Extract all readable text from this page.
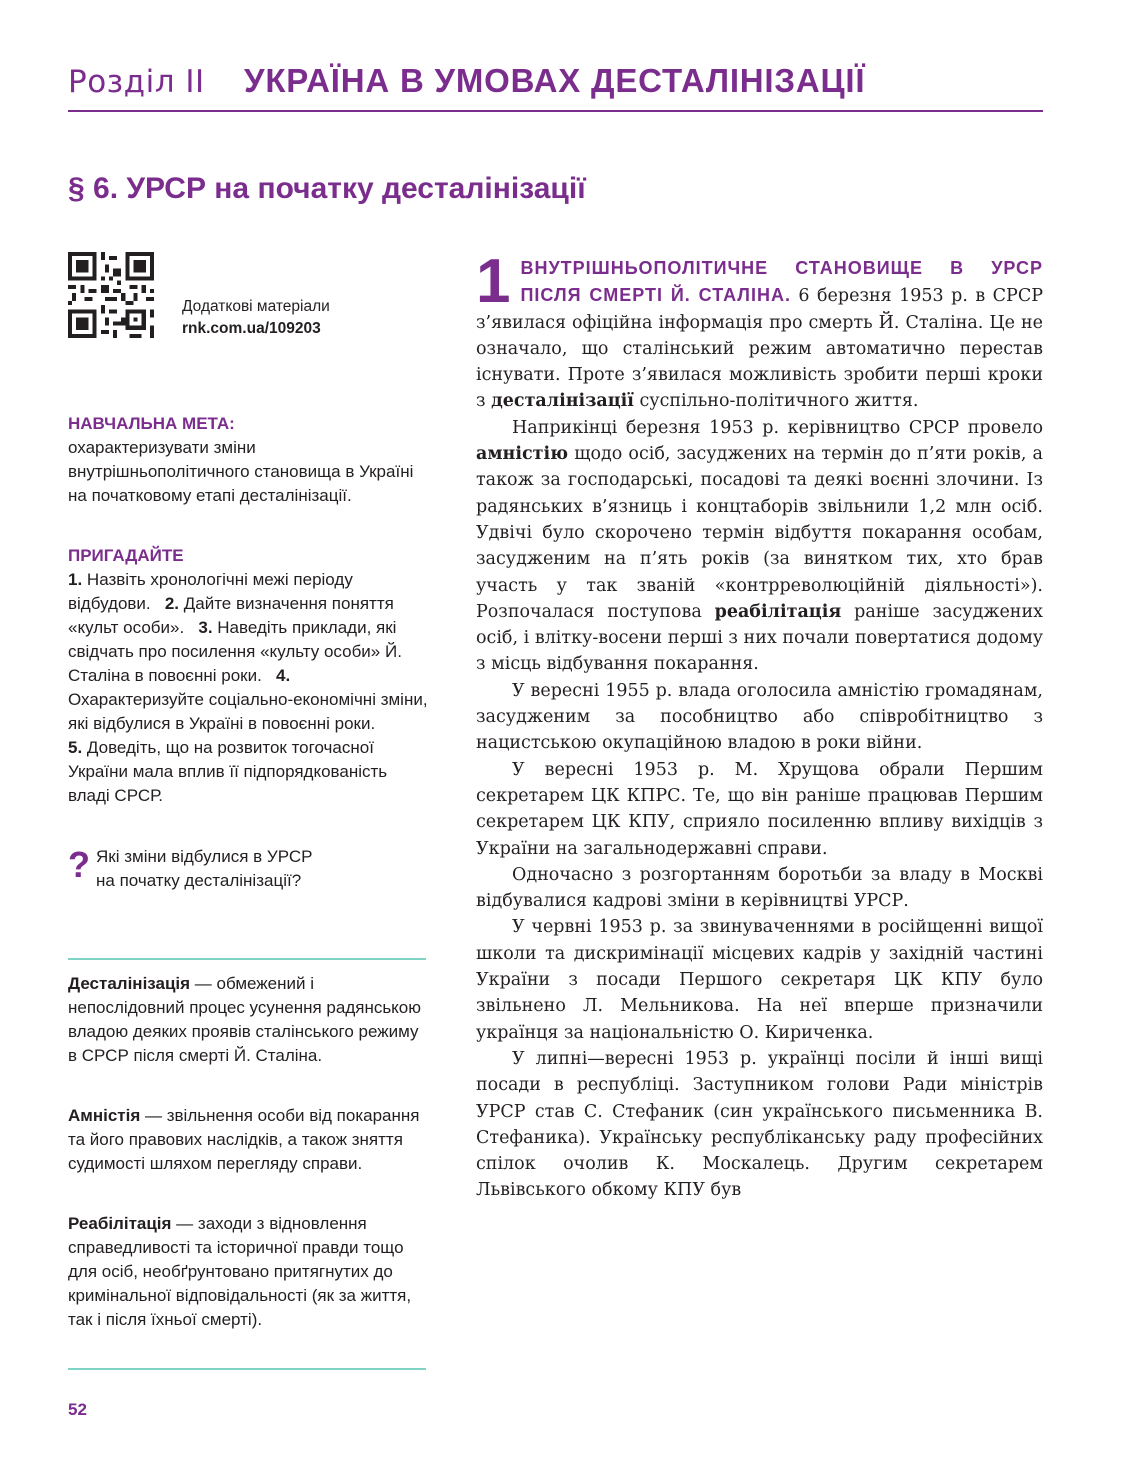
Розділ II УКРАЇНА В УМОВАХ ДЕСТАЛІНІЗАЦІЇ
§ 6. УРСР на початку десталінізації
Додаткові матеріали
rnk.com.ua/109203
НАВЧАЛЬНА МЕТА:
охарактеризувати зміни внутрішньополітичного становища в Україні на початковому етапі десталінізації.
ПРИГАДАЙТЕ
1. Назвіть хронологічні межі періоду відбудови. 2. Дайте визначення поняття «культ особи». 3. Наведіть приклади, які свідчать про посилення «культу особи» Й. Сталіна в повоєнні роки. 4. Охарактеризуйте соціально-економічні зміни, які відбулися в Україні в повоєнні роки.
5. Доведіть, що на розвиток тогочасної України мала вплив її підпорядкованість владі СРСР.
? Які зміни відбулися в УРСР
на початку десталінізації?
Десталінізація — обмежений і непослідовний процес усунення радянською владою деяких проявів сталінського режиму в СРСР після смерті Й. Сталіна.
Амністія — звільнення особи від покарання та його правових наслідків, а також зняття судимості шляхом перегляду справи.
Реабілітація — заходи з відновлення справедливості та історичної правди тощо для осіб, необґрунтовано притягнутих до кримінальної відповідальності (як за життя, так і після їхньої смерті).
52

1 ВНУТРІШНЬОПОЛІТИЧНЕ СТАНОВИЩЕ В УРСР ПІСЛЯ СМЕРТІ Й. СТАЛІНА. 6 березня 1953 р. в СРСР з’явилася офіційна інформація про смерть Й. Сталіна. Це не означало, що сталінський режим автоматично перестав існувати. Проте з’явилася можливість зробити перші кроки з десталінізації суспільно-політичного життя.

Наприкінці березня 1953 р. керівництво СРСР провело амністію щодо осіб, засуджених на термін до п’яти років, а також за господарські, посадові та деякі воєнні злочини. Із радянських в’язниць і концтаборів звільнили 1,2 млн осіб. Удвічі було скорочено термін відбуття покарання особам, засудженим на п’ять років (за винятком тих, хто брав участь у так званій «контрреволюційній діяльності»). Розпочалася поступова реабілітація раніше засуджених осіб, і влітку-восени перші з них почали повертатися додому з місць відбування покарання.

У вересні 1955 р. влада оголосила амністію громадянам, засудженим за пособництво або співробітництво з нацистською окупаційною владою в роки війни.

У вересні 1953 р. М. Хрущова обрали Першим секретарем ЦК КПРС. Те, що він раніше працював Першим секретарем ЦК КПУ, сприяло посиленню впливу вихідців з України на загальнодержавні справи.

Одночасно з розгортанням боротьби за владу в Москві відбувалися кадрові зміни в керівництві УРСР.

У червні 1953 р. за звинуваченнями в російщенні вищої школи та дискримінації місцевих кадрів у західній частині України з посади Першого секретаря ЦК КПУ було звільнено Л. Мельникова. На неї вперше призначили українця за національністю О. Кириченка.

У липні—вересні 1953 р. українці посіли й інші вищі посади в республіці. Заступником голови Ради міністрів УРСР став С. Стефаник (син українського письменника В. Стефаника). Українську республіканську раду професійних спілок очолив К. Москалець. Другим секретарем Львівського обкому КПУ був
